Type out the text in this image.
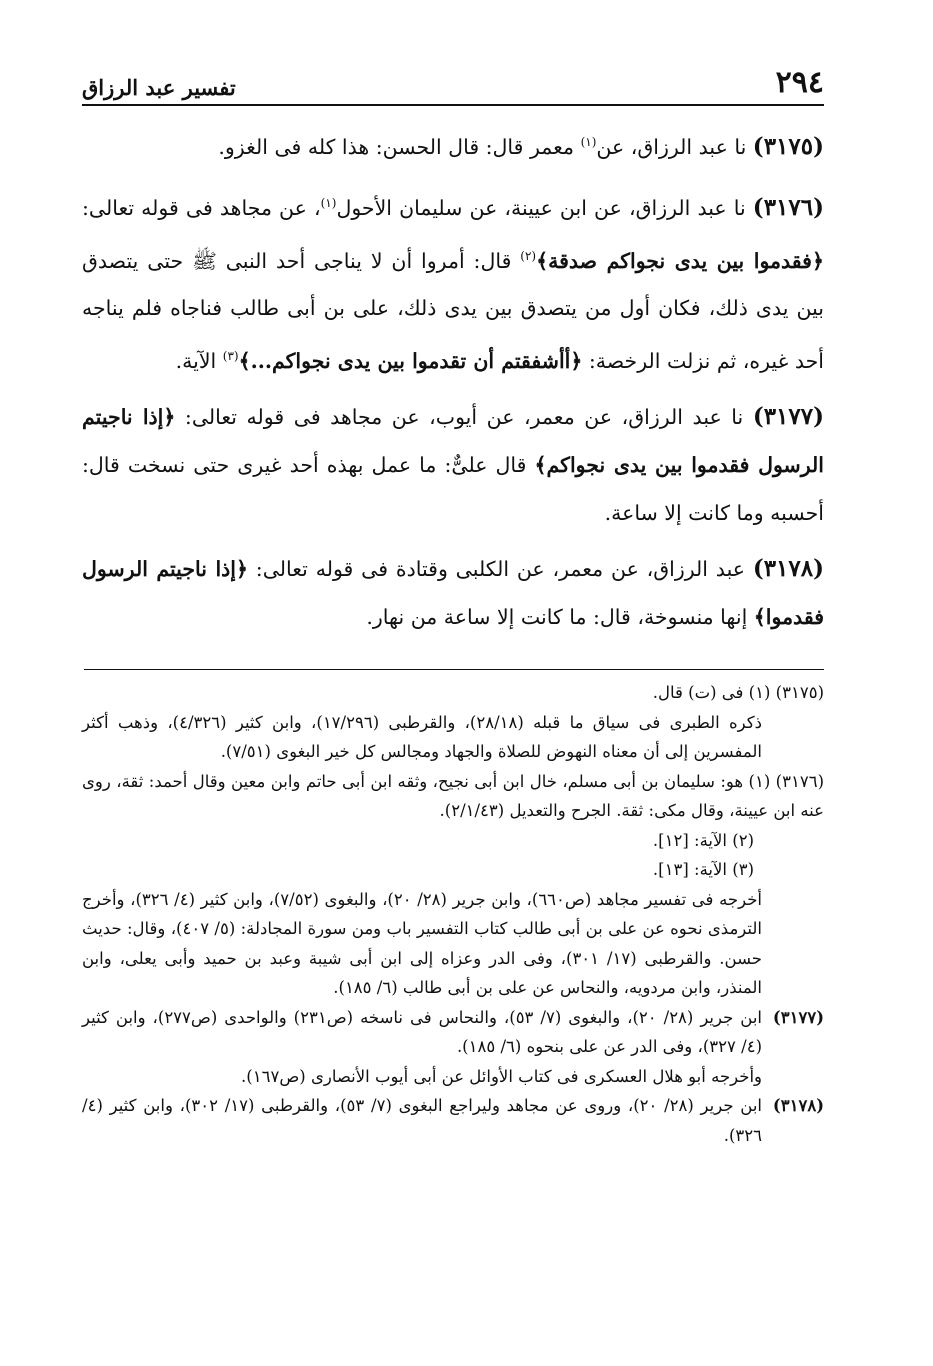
٢٩٤
تفسير عبد الرزاق

(٣١٧٥) نا عبد الرزاق، عن$^{(١)}$ معمر قال: قال الحسن: هذا كله فى الغزو.

(٣١٧٦) نا عبد الرزاق، عن ابن عيينة، عن سليمان الأحول$^{(١)}$، عن مجاهد فى قوله تعالى: ﴿فقدموا بين يدى نجواكم صدقة﴾$^{(٢)}$ قال: أمروا أن لا يناجى أحد النبى ﷺ حتى يتصدق بين يدى ذلك، فكان أول من يتصدق بين يدى ذلك، على بن أبى طالب فناجاه فلم يناجه أحد غيره، ثم نزلت الرخصة: ﴿أأشفقتم أن تقدموا بين يدى نجواكم...﴾$^{(٣)}$ الآية.

(٣١٧٧) نا عبد الرزاق، عن معمر، عن أيوب، عن مجاهد فى قوله تعالى: ﴿إذا ناجيتم الرسول فقدموا بين يدى نجواكم﴾ قال علىٌّ: ما عمل بهذه أحد غيرى حتى نسخت قال: أحسبه وما كانت إلا ساعة.

(٣١٧٨) عبد الرزاق، عن معمر، عن الكلبى وقتادة فى قوله تعالى: ﴿إذا ناجيتم الرسول فقدموا﴾ إنها منسوخة، قال: ما كانت إلا ساعة من نهار.

(٣١٧٥) (١) فى (ت) قال.

ذكره الطبرى فى سياق ما قبله (٢٨/١٨)، والقرطبى (١٧/٢٩٦)، وابن كثير (٤/٣٢٦)، وذهب أكثر المفسرين إلى أن معناه النهوض للصلاة والجهاد ومجالس كل خير البغوى (٧/٥١).

(٣١٧٦) (١) هو: سليمان بن أبى مسلم، خال ابن أبى نجيح، وثقه ابن أبى حاتم وابن معين وقال أحمد: ثقة، روى عنه ابن عيينة، وقال مكى: ثقة. الجرح والتعديل (٢/١/٤٣).

(٢) الآية: [١٢].

(٣) الآية: [١٣].

أخرجه فى تفسير مجاهد (ص٦٦٠)، وابن جرير (٢٨/ ٢٠)، والبغوى (٧/٥٢)، وابن كثير (٤/ ٣٢٦)، وأخرج الترمذى نحوه عن على بن أبى طالب كتاب التفسير باب ومن سورة المجادلة: (٥/ ٤٠٧)، وقال: حديث حسن. والقرطبى (١٧/ ٣٠١)، وفى الدر وعزاه إلى ابن أبى شيبة وعبد بن حميد وأبى يعلى، وابن المنذر، وابن مردويه، والنحاس عن على بن أبى طالب (٦/ ١٨٥).

(٣١٧٧)
ابن جرير (٢٨/ ٢٠)، والبغوى (٧/ ٥٣)، والنحاس فى ناسخه (ص٢٣١) والواحدى (ص٢٧٧)، وابن كثير (٤/ ٣٢٧)، وفى الدر عن على بنحوه (٦/ ١٨٥).

وأخرجه أبو هلال العسكرى فى كتاب الأوائل عن أبى أيوب الأنصارى (ص١٦٧).

(٣١٧٨)
ابن جرير (٢٨/ ٢٠)، وروى عن مجاهد وليراجع البغوى (٧/ ٥٣)، والقرطبى (١٧/ ٣٠٢)، وابن كثير (٤/ ٣٢٦).
